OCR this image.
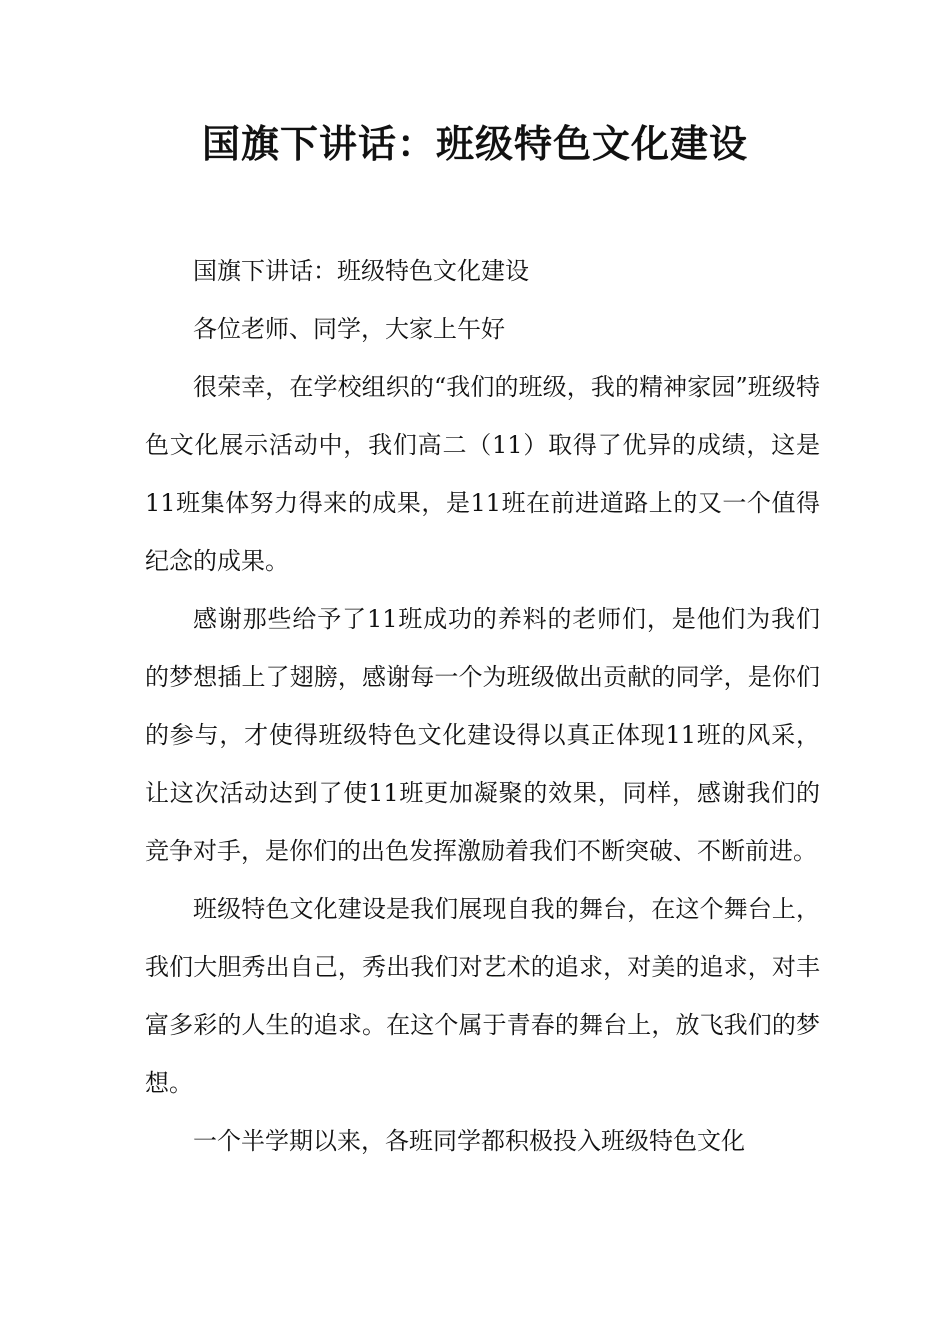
国旗下讲话：班级特色文化建设

国旗下讲话：班级特色文化建设

各位老师、同学，大家上午好

很荣幸，在学校组织的“我们的班级，我的精神家园”班级特色文化展示活动中，我们高二（11）取得了优异的成绩，这是11班集体努力得来的成果，是11班在前进道路上的又一个值得纪念的成果。

感谢那些给予了11班成功的养料的老师们，是他们为我们的梦想插上了翅膀，感谢每一个为班级做出贡献的同学，是你们的参与，才使得班级特色文化建设得以真正体现11班的风采，让这次活动达到了使11班更加凝聚的效果，同样，感谢我们的竞争对手，是你们的出色发挥激励着我们不断突破、不断前进。

班级特色文化建设是我们展现自我的舞台，在这个舞台上，我们大胆秀出自己，秀出我们对艺术的追求，对美的追求，对丰富多彩的人生的追求。在这个属于青春的舞台上，放飞我们的梦想。

一个半学期以来，各班同学都积极投入班级特色文化
